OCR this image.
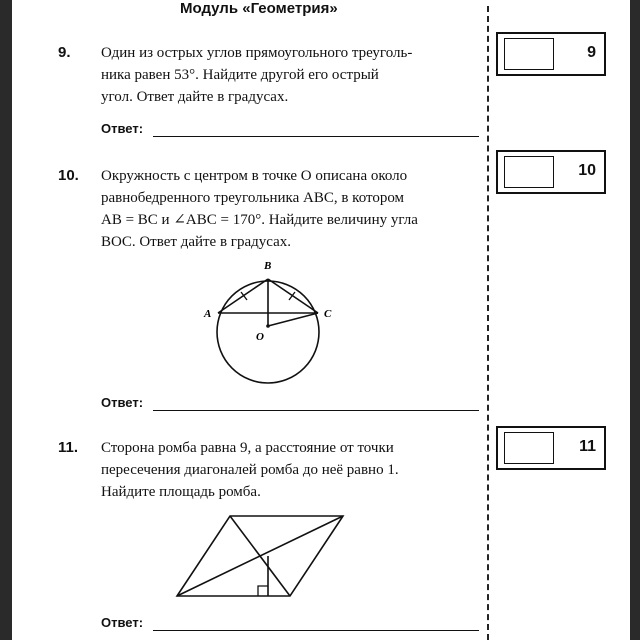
Модуль «Геометрия»
9. Один из острых углов прямоугольного треуголь-
ника равен 53°. Найдите другой его острый
угол. Ответ дайте в градусах.
Ответ:
9
10. Окружность с центром в точке O описана около
равнобедренного треугольника ABC, в котором
AB = BC и ∠ABC = 170°. Найдите величину угла
BOC. Ответ дайте в градусах.
B
A	C
O
Ответ:
10
11. Сторона ромба равна 9, а расстояние от точки
пересечения диагоналей ромба до неё равно 1.
Найдите площадь ромба.
Ответ:
11
